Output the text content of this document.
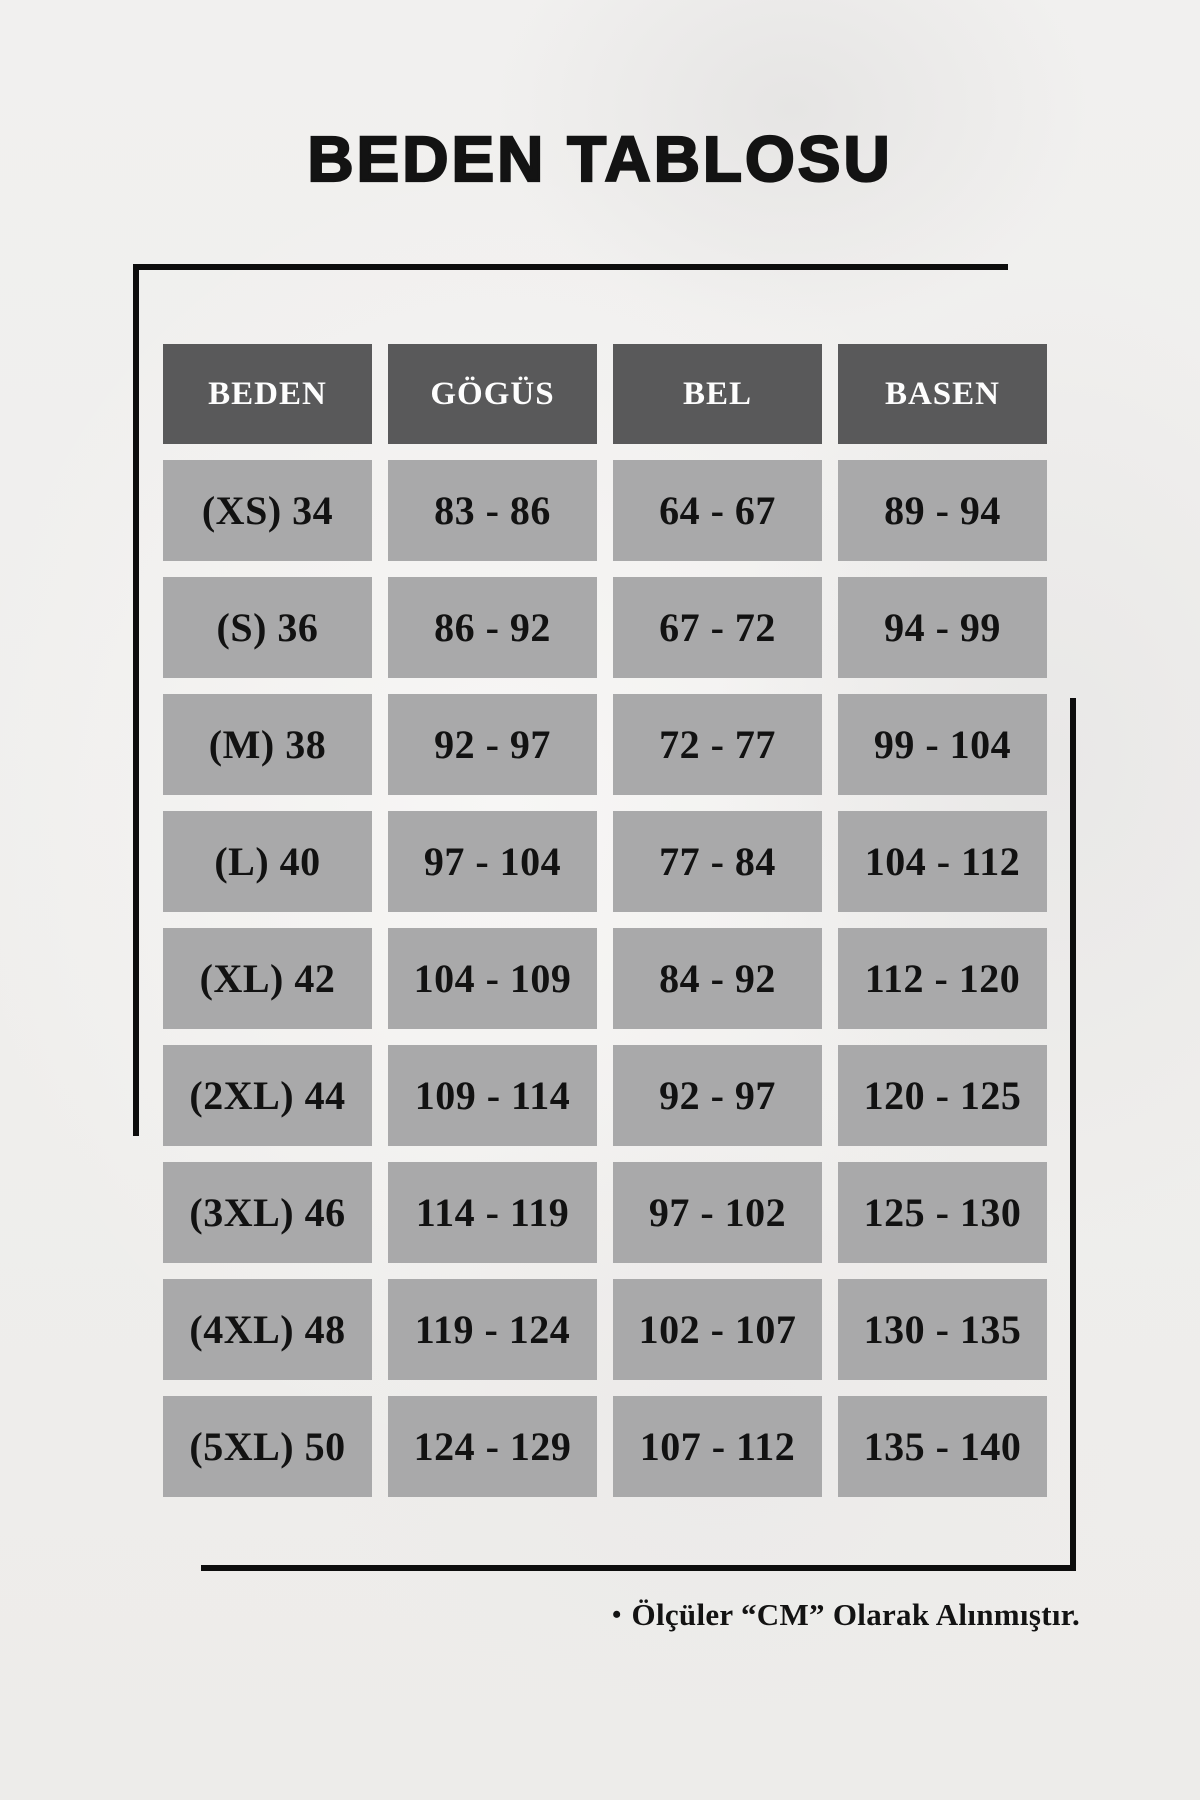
BEDEN TABLOSU
BEDEN	GÖGÜS	BEL	BASEN
(XS) 34	83 - 86	64 - 67	89 - 94
(S) 36	86 - 92	67 - 72	94 - 99
(M) 38	92 - 97	72 - 77	99 - 104
(L) 40	97 - 104	77 - 84	104 - 112
(XL) 42	104 - 109	84 - 92	112 - 120
(2XL) 44	109 - 114	92 - 97	120 - 125
(3XL) 46	114 - 119	97 - 102	125 - 130
(4XL) 48	119 - 124	102 - 107	130 - 135
(5XL) 50	124 - 129	107 - 112	135 - 140
• Ölçüler “CM” Olarak Alınmıştır.
